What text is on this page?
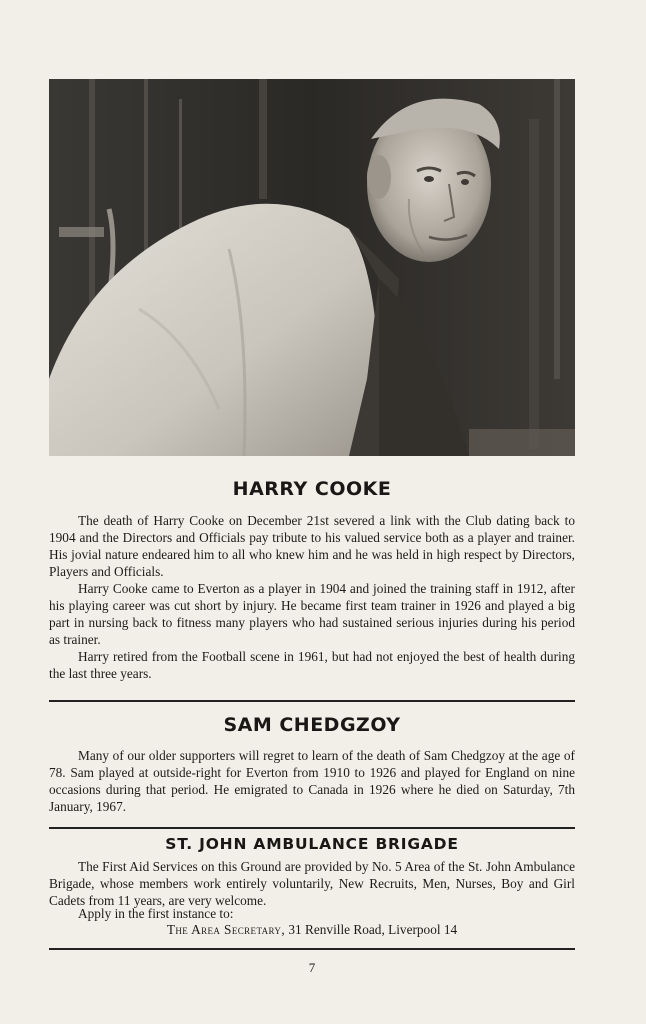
HARRY COOKE

The death of Harry Cooke on December 21st severed a link with the Club dating back to 1904 and the Directors and Officials pay tribute to his valued service both as a player and trainer. His jovial nature endeared him to all who knew him and he was held in high respect by Directors, Players and Officials.

Harry Cooke came to Everton as a player in 1904 and joined the training staff in 1912, after his playing career was cut short by injury. He became first team trainer in 1926 and played a big part in nursing back to fitness many players who had sustained serious injuries during his period as trainer.

Harry retired from the Football scene in 1961, but had not enjoyed the best of health during the last three years.

SAM CHEDGZOY

Many of our older supporters will regret to learn of the death of Sam Chedgzoy at the age of 78. Sam played at outside-right for Everton from 1910 to 1926 and played for England on nine occasions during that period. He emigrated to Canada in 1926 where he died on Saturday, 7th January, 1967.

ST. JOHN AMBULANCE BRIGADE

The First Aid Services on this Ground are provided by No. 5 Area of the St. John Ambulance Brigade, whose members work entirely voluntarily, New Recruits, Men, Nurses, Boy and Girl Cadets from 11 years, are very welcome.

Apply in the first instance to:

The Area Secretary, 31 Renville Road, Liverpool 14
7
